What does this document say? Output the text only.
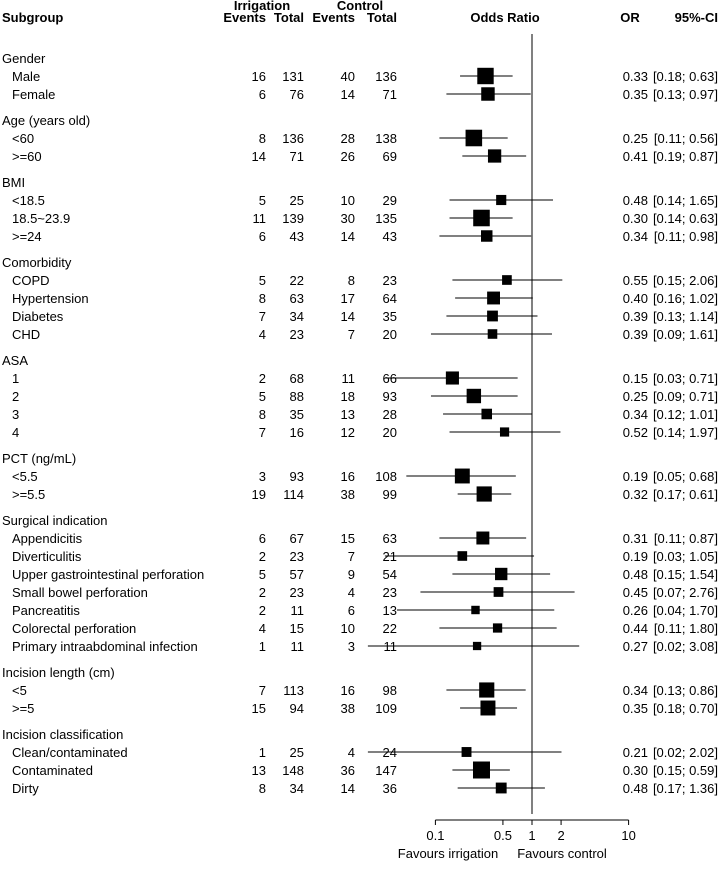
Subgroup
Irrigation
Events Total
Control
Events Total	Odds Ratio	OR	95%-CI
Gender
Age (years old)
BMI
Comorbidity
ASA
PCT (ng/mL)
Surgical indication
Incision length (cm)
Incision classification
Male	16 131	40 136	0.33 [0.18; 0.63]
Female	6 76	14 71	0.35 [0.13; 0.97]
<60	8 136	28 138	0.25 [0.11; 0.56]
>=60	14 71	26 69	0.41 [0.19; 0.87]
<18.5	5 25	10 29	0.48 [0.14; 1.65]
18.5~23.9	11 139	30 135	0.30 [0.14; 0.63]
>=24	6 43	14 43	0.34 [0.11; 0.98]
COPD	5 22	8 23	0.55 [0.15; 2.06]
Hypertension	8 63	17 64	0.40 [0.16; 1.02]
Diabetes	7 34	14 35	0.39 [0.13; 1.14]
CHD	4 23	7 20	0.39 [0.09; 1.61]
1	2 68	11 66	0.15 [0.03; 0.71]
2	5 88	18 93	0.25 [0.09; 0.71]
3	8 35	13 28	0.34 [0.12; 1.01]
4	7 16	12 20	0.52 [0.14; 1.97]
<5.5	3 93	16 108	0.19 [0.05; 0.68]
>=5.5	19 114	38 99	0.32 [0.17; 0.61]
Appendicitis	6 67	15 63	0.31 [0.11; 0.87]
Diverticulitis	2 23	7 21	0.19 [0.03; 1.05]
Upper gastrointestinal perforation	5 57	9 54	0.48 [0.15; 1.54]
Small bowel perforation	2 23	4 23	0.45 [0.07; 2.76]
Pancreatitis	2 11	6 13	0.26 [0.04; 1.70]
Colorectal perforation	4 15	10 22	0.44 [0.11; 1.80]
Primary intraabdominal infection	1 11	3 11	0.27 [0.02; 3.08]
<5	7 113	16 98	0.34 [0.13; 0.86]
>=5	15 94	38 109	0.35 [0.18; 0.70]
Clean/contaminated	1 25	4 24	0.21 [0.02; 2.02]
Contaminated	13 148	36 147	0.30 [0.15; 0.59]
Dirty	8 34	14 36	0.48 [0.17; 1.36]
0.1	0.5 1 2	10
Favours irrigation Favours control
